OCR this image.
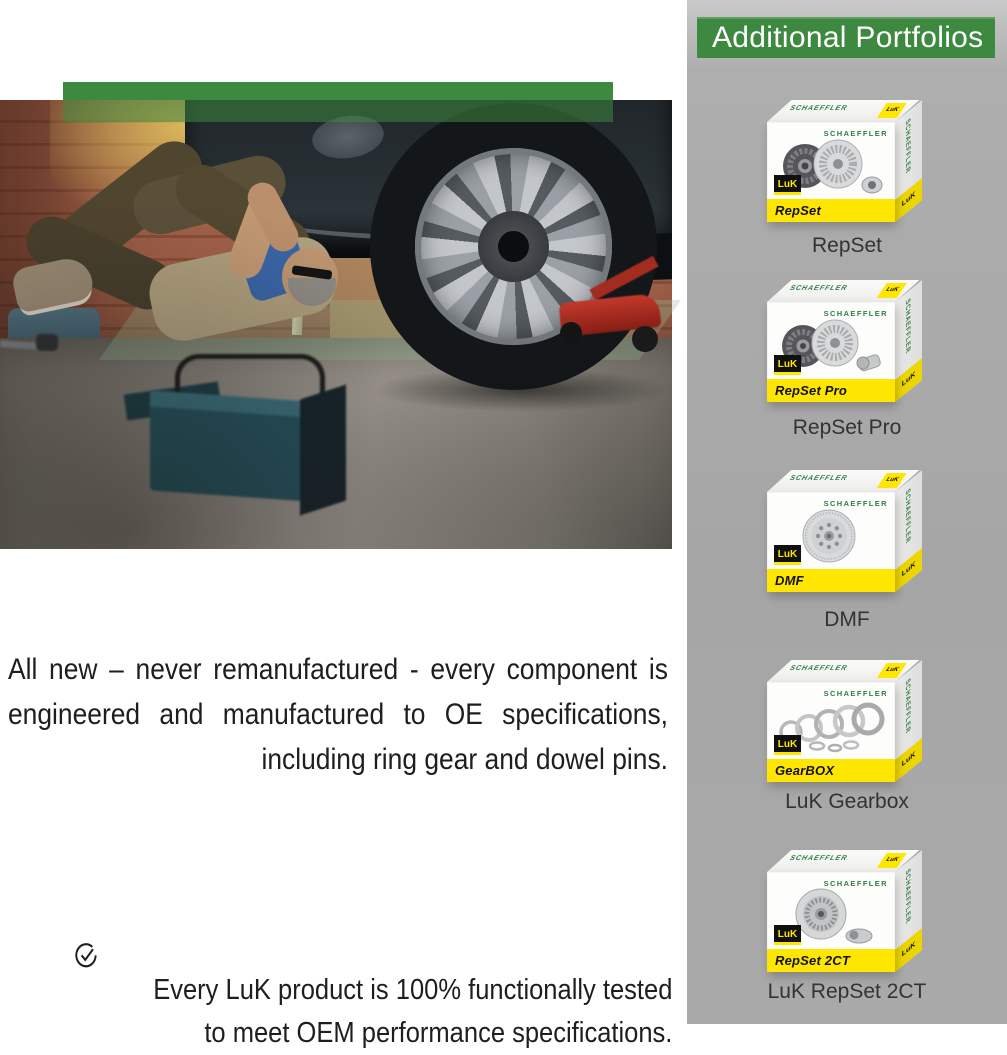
All new – never remanufactured - every component is
engineered and manufactured to OE specifications,
including ring gear and dowel pins.
Every LuK product is 100% functionally tested
to meet OEM performance specifications.
Additional Portfolios
SCHAEFFLER	LuK
SCHAEFFLER
LuK
SCHAEFFLER
LuK
RepSet
RepSet
SCHAEFFLER	LuK
SCHAEFFLER
LuK
SCHAEFFLER
LuK
RepSet Pro
RepSet Pro
SCHAEFFLER	LuK
SCHAEFFLER
LuK
SCHAEFFLER
LuK
DMF
DMF
SCHAEFFLER	LuK
SCHAEFFLER
LuK
SCHAEFFLER
LuK
GearBOX
LuK Gearbox
SCHAEFFLER	LuK
SCHAEFFLER
LuK
SCHAEFFLER
LuK
RepSet 2CT
LuK RepSet 2CT
